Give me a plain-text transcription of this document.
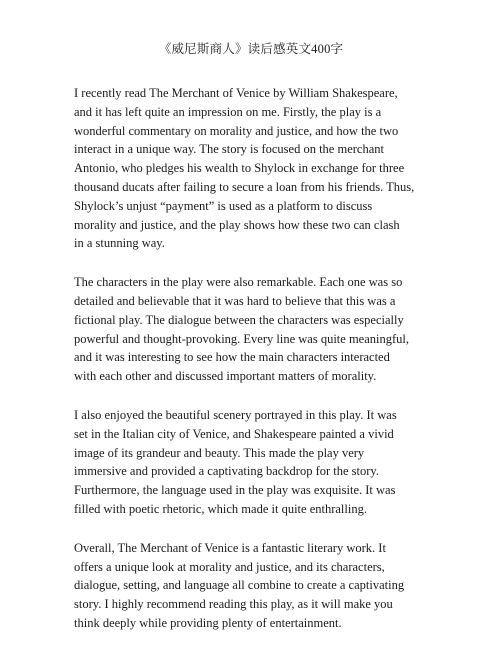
《威尼斯商人》读后感英文400字

I recently read The Merchant of Venice by William Shakespeare,
and it has left quite an impression on me. Firstly, the play is a
wonderful commentary on morality and justice, and how the two
interact in a unique way. The story is focused on the merchant
Antonio, who pledges his wealth to Shylock in exchange for three
thousand ducats after failing to secure a loan from his friends. Thus,
Shylock’s unjust “payment” is used as a platform to discuss
morality and justice, and the play shows how these two can clash
in a stunning way.

The characters in the play were also remarkable. Each one was so
detailed and believable that it was hard to believe that this was a
fictional play. The dialogue between the characters was especially
powerful and thought-provoking. Every line was quite meaningful,
and it was interesting to see how the main characters interacted
with each other and discussed important matters of morality.

I also enjoyed the beautiful scenery portrayed in this play. It was
set in the Italian city of Venice, and Shakespeare painted a vivid
image of its grandeur and beauty. This made the play very
immersive and provided a captivating backdrop for the story.
Furthermore, the language used in the play was exquisite. It was
filled with poetic rhetoric, which made it quite enthralling.

Overall, The Merchant of Venice is a fantastic literary work. It
offers a unique look at morality and justice, and its characters,
dialogue, setting, and language all combine to create a captivating
story. I highly recommend reading this play, as it will make you
think deeply while providing plenty of entertainment.
